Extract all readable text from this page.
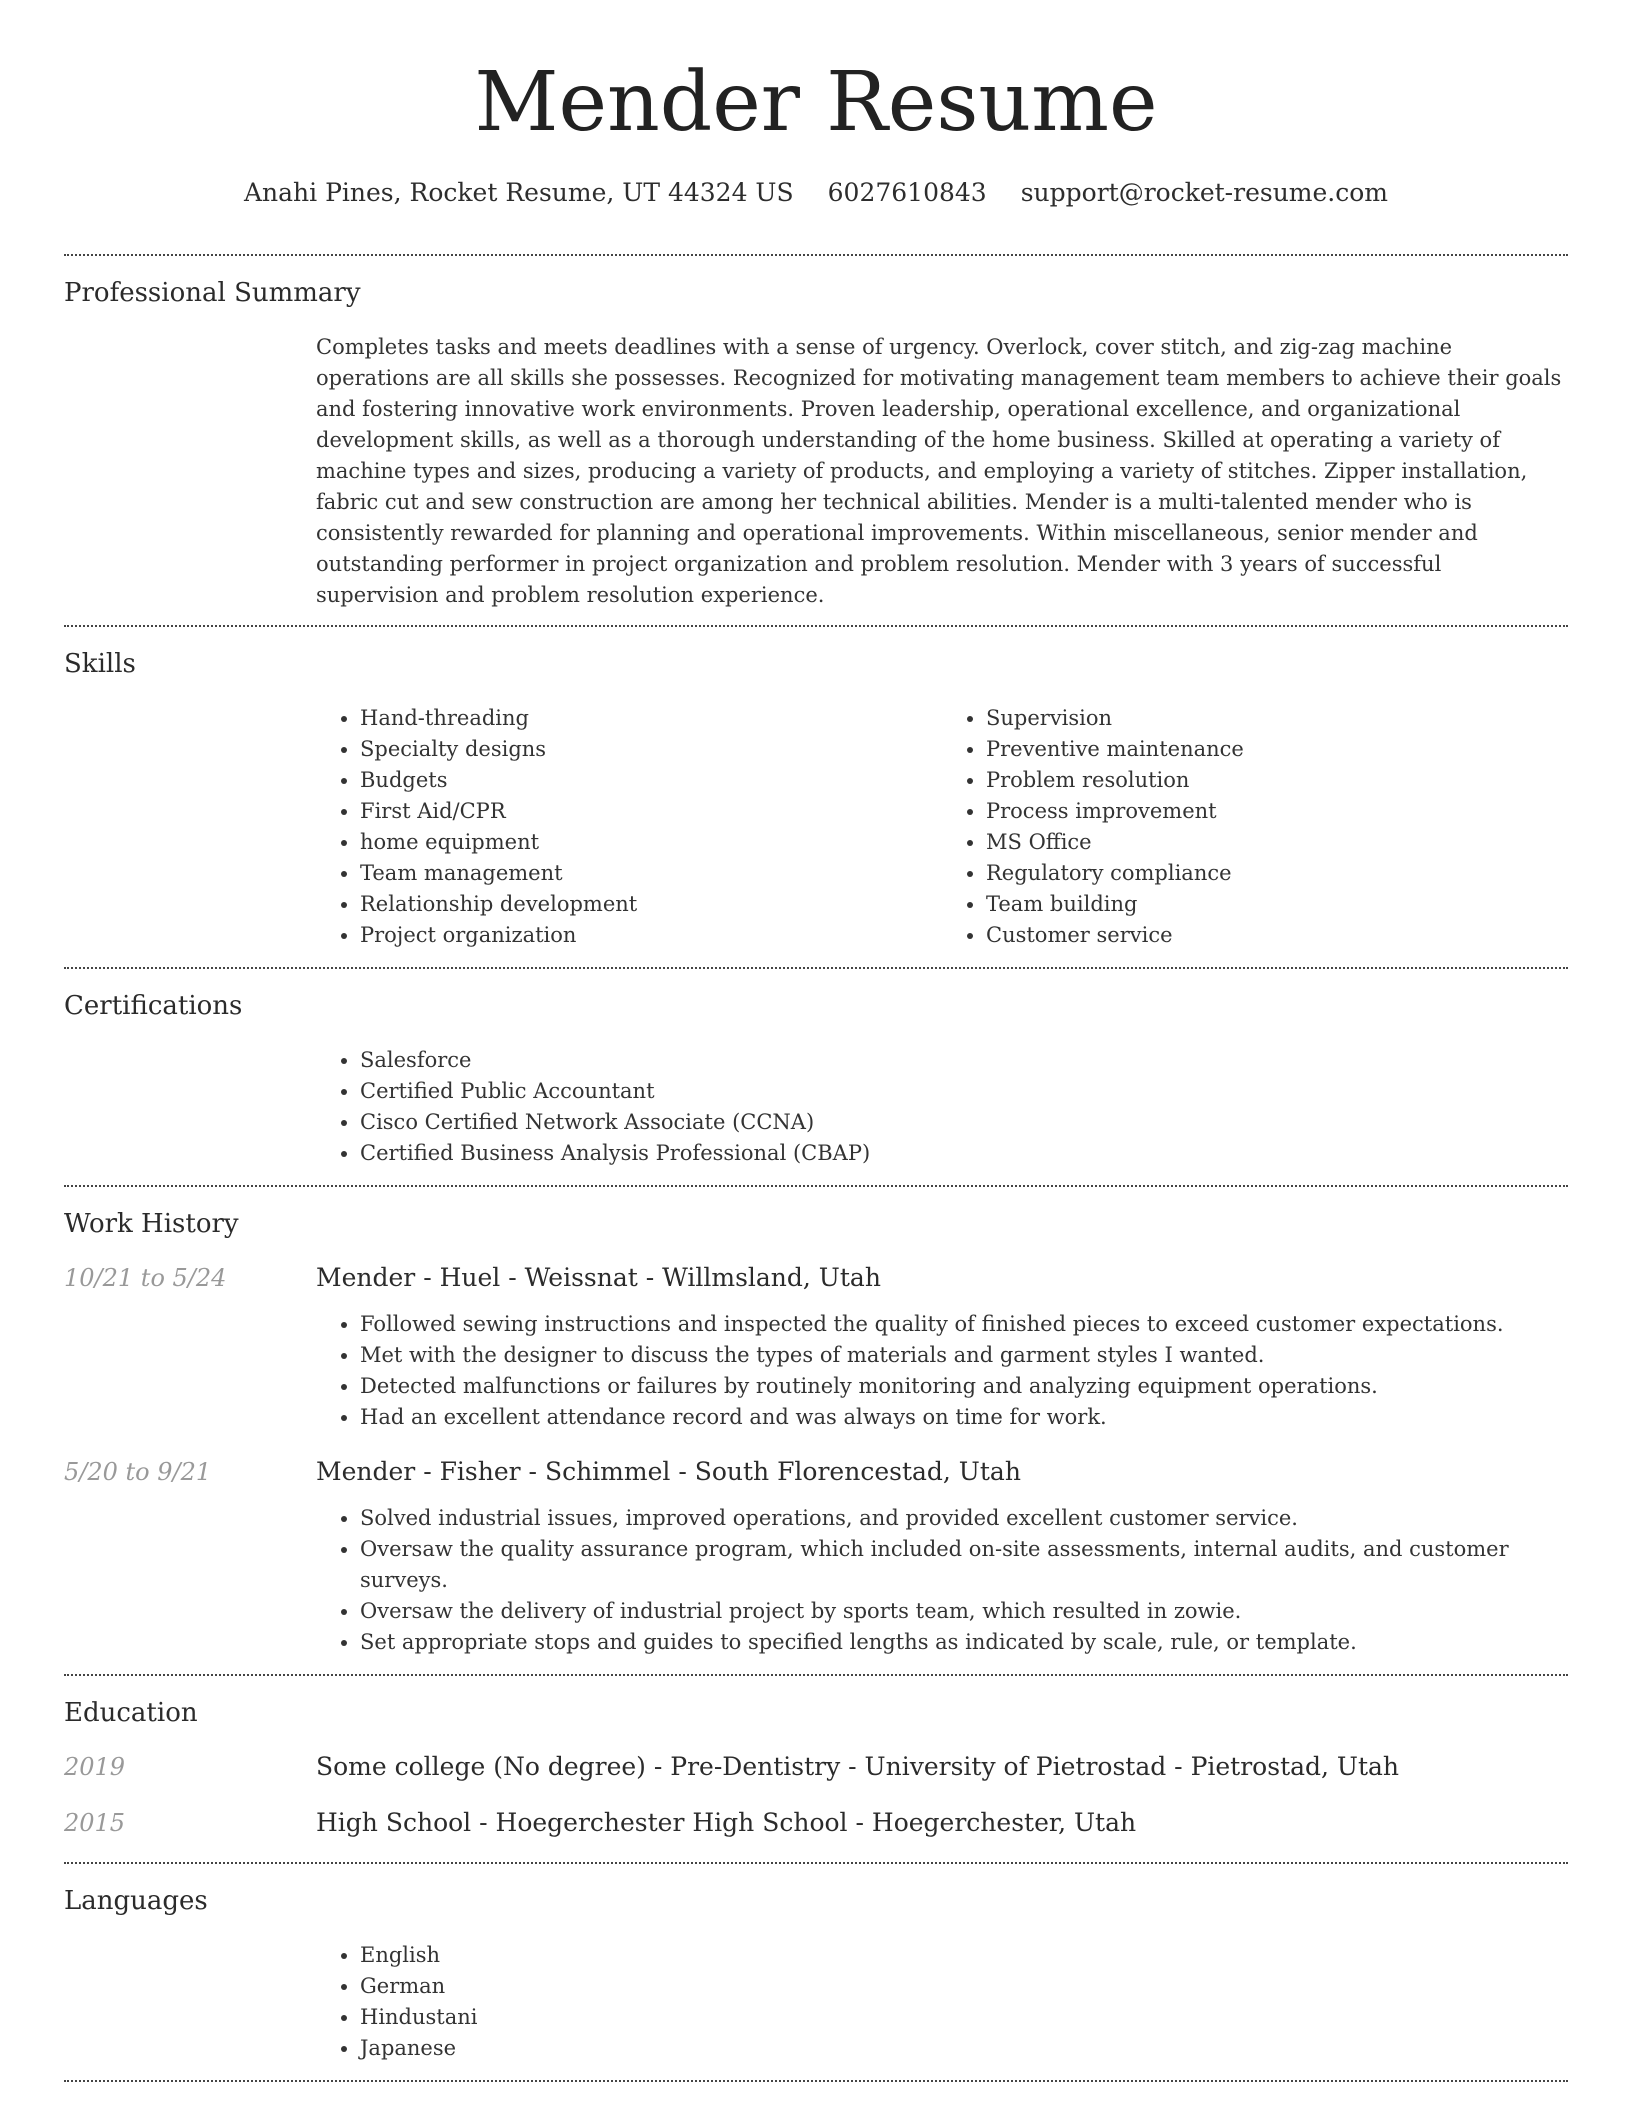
Mender Resume
Anahi Pines, Rocket Resume, UT 44324 US 6027610843 support@rocket-resume.com
Professional Summary

Completes tasks and meets deadlines with a sense of urgency. Overlock, cover stitch, and zig-zag machine operations are all skills she possesses. Recognized for motivating management team members to achieve their goals and fostering innovative work environments. Proven leadership, operational excellence, and organizational development skills, as well as a thorough understanding of the home business. Skilled at operating a variety of machine types and sizes, producing a variety of products, and employing a variety of stitches. Zipper installation, fabric cut and sew construction are among her technical abilities. Mender is a multi-talented mender who is consistently rewarded for planning and operational improvements. Within miscellaneous, senior mender and outstanding performer in project organization and problem resolution. Mender with 3 years of successful supervision and problem resolution experience.

Skills
• Hand-threading
• Specialty designs
• Budgets
• First Aid/CPR
• home equipment
• Team management
• Relationship development
• Project organization
• Supervision
• Preventive maintenance
• Problem resolution
• Process improvement
• MS Office
• Regulatory compliance
• Team building
• Customer service
Certifications
• Salesforce
• Certified Public Accountant
• Cisco Certified Network Associate (CCNA)
• Certified Business Analysis Professional (CBAP)
Work History
10/21 to 5/24	Mender - Huel - Weissnat - Willmsland, Utah
• Followed sewing instructions and inspected the quality of finished pieces to exceed customer expectations.
• Met with the designer to discuss the types of materials and garment styles I wanted.
• Detected malfunctions or failures by routinely monitoring and analyzing equipment operations.
• Had an excellent attendance record and was always on time for work.
5/20 to 9/21	Mender - Fisher - Schimmel - South Florencestad, Utah
• Solved industrial issues, improved operations, and provided excellent customer service.
• Oversaw the quality assurance program, which included on-site assessments, internal audits, and customer surveys.
• Oversaw the delivery of industrial project by sports team, which resulted in zowie.
• Set appropriate stops and guides to specified lengths as indicated by scale, rule, or template.
Education
2019	Some college (No degree) - Pre-Dentistry - University of Pietrostad - Pietrostad, Utah
2015	High School - Hoegerchester High School - Hoegerchester, Utah
Languages
• English
• German
• Hindustani
• Japanese
